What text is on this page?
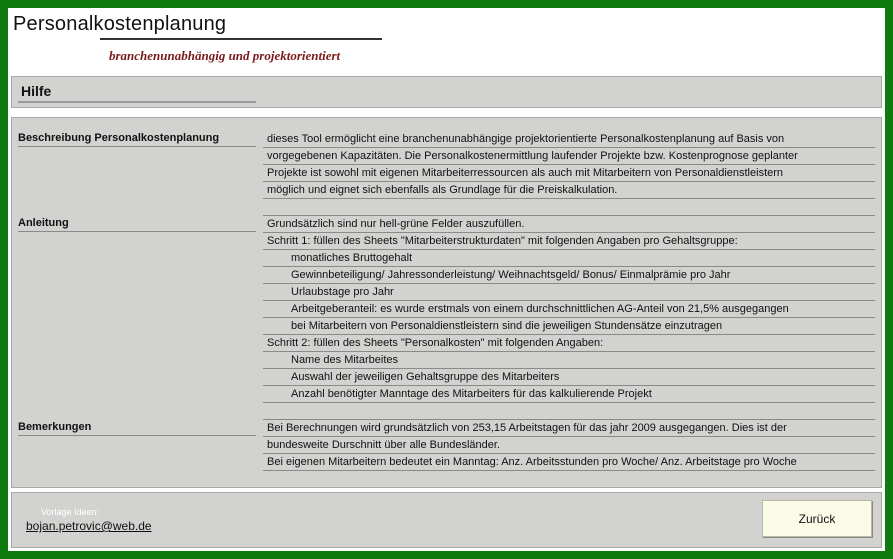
Personalkostenplanung
branchenunabhängig und projektorientiert
Hilfe
Beschreibung Personalkostenplanung	dieses Tool ermöglicht eine branchenunabhängige projektorientierte Personalkostenplanung auf Basis von
vorgegebenen Kapazitäten. Die Personalkostenermittlung laufender Projekte bzw. Kostenprognose geplanter
Projekte ist sowohl mit eigenen Mitarbeiterressourcen als auch mit Mitarbeitern von Personaldienstleistern
möglich und eignet sich ebenfalls als Grundlage für die Preiskalkulation.
Anleitung	Grundsätzlich sind nur hell-grüne Felder auszufüllen.
Schritt 1: füllen des Sheets "Mitarbeiterstrukturdaten" mit folgenden Angaben pro Gehaltsgruppe:
monatliches Bruttogehalt
Gewinnbeteiligung/ Jahressonderleistung/ Weihnachtsgeld/ Bonus/ Einmalprämie pro Jahr
Urlaubstage pro Jahr
Arbeitgeberanteil: es wurde erstmals von einem durchschnittlichen AG-Anteil von 21,5% ausgegangen
bei Mitarbeitern von Personaldienstleistern sind die jeweiligen Stundensätze einzutragen
Schritt 2: füllen des Sheets "Personalkosten" mit folgenden Angaben:
Name des Mitarbeites
Auswahl der jeweiligen Gehaltsgruppe des Mitarbeiters
Anzahl benötigter Manntage des Mitarbeiters für das kalkulierende Projekt
Bemerkungen	Bei Berechnungen wird grundsätzlich von 253,15 Arbeitstagen für das jahr 2009 ausgegangen. Dies ist der
bundesweite Durschnitt über alle Bundesländer.
Bei eigenen Mitarbeitern bedeutet ein Manntag: Anz. Arbeitsstunden pro Woche/ Anz. Arbeitstage pro Woche
Vorlage Ideen:
bojan.petrovic@web.de
Zurück
